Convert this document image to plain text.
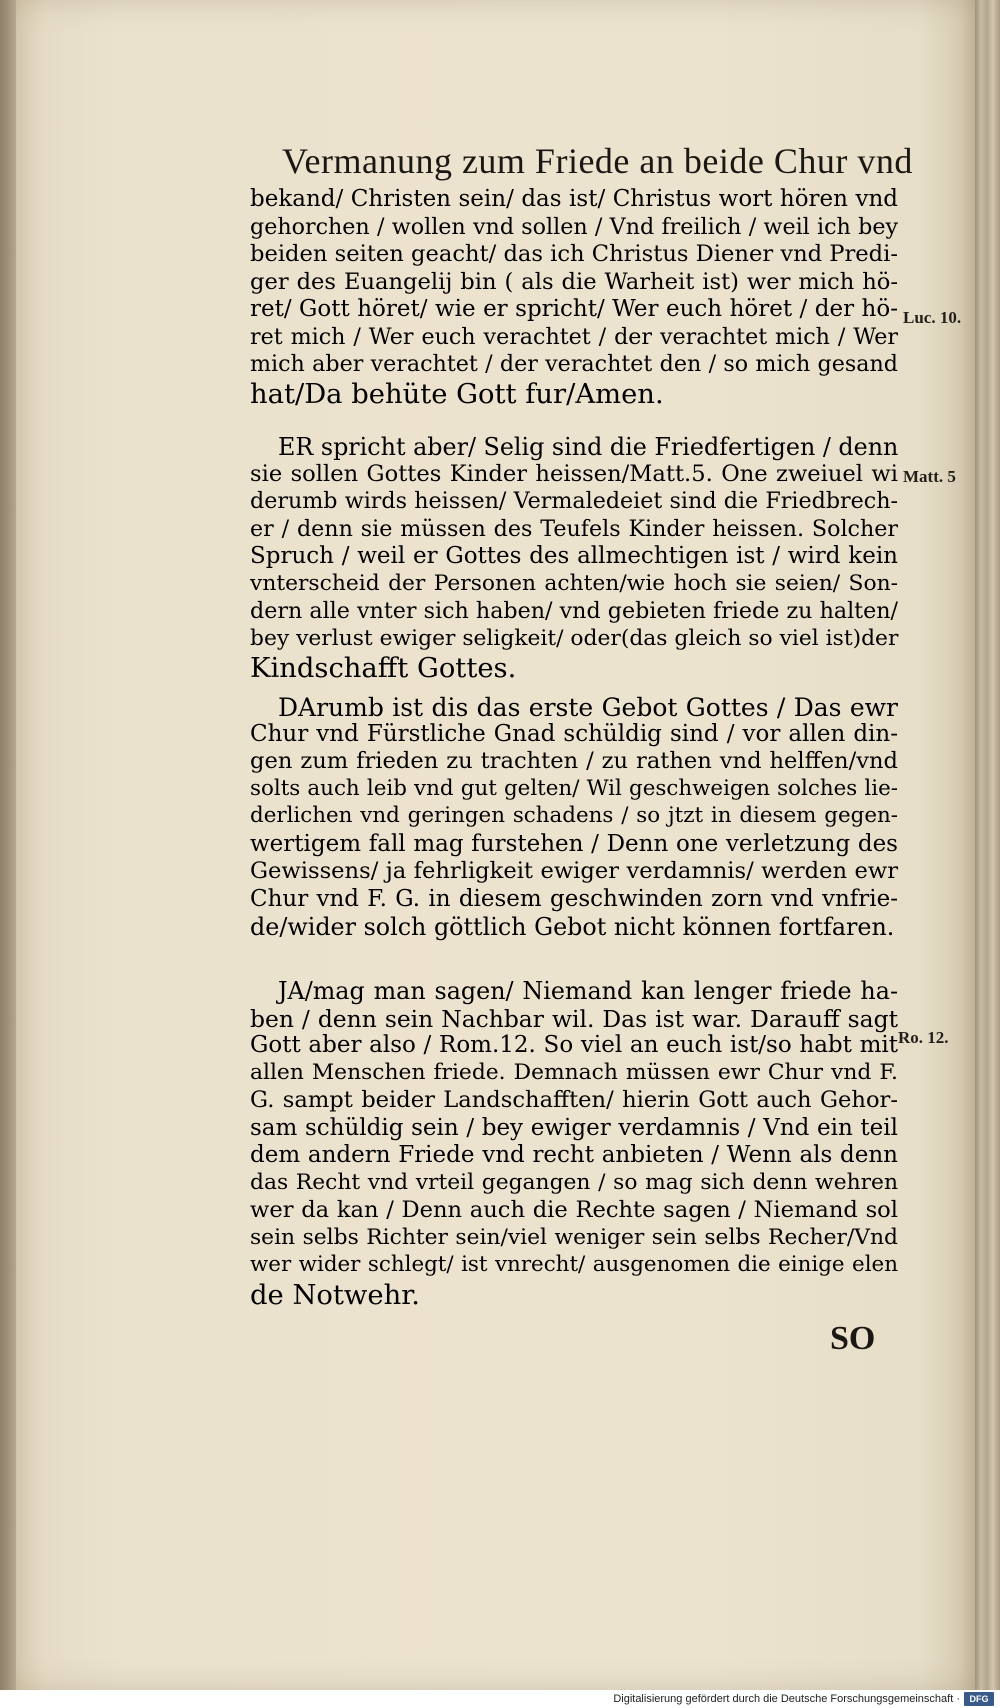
Vermanung zum Friede an beide Chur vnd
bekand/ Christen sein/ das ist/ Christus wort hören vnd
gehorchen / wollen vnd sollen / Vnd freilich / weil ich bey
beiden seiten geacht/ das ich Christus Diener vnd Predi-
ger des Euangelij bin ( als die Warheit ist) wer mich hö-
ret/ Gott höret/ wie er spricht/ Wer euch höret / der hö-
ret mich / Wer euch verachtet / der verachtet mich / Wer
mich aber verachtet / der verachtet den / so mich gesand
hat/Da behüte Gott fur/Amen.
ER spricht aber/ Selig sind die Friedfertigen / denn
sie sollen Gottes Kinder heissen/Matt.5. One zweiuel wi
derumb wirds heissen/ Vermaledeiet sind die Friedbrech-
er / denn sie müssen des Teufels Kinder heissen. Solcher
Spruch / weil er Gottes des allmechtigen ist / wird kein
vnterscheid der Personen achten/wie hoch sie seien/ Son-
dern alle vnter sich haben/ vnd gebieten friede zu halten/
bey verlust ewiger seligkeit/ oder(das gleich so viel ist)der
Kindschafft Gottes.
DArumb ist dis das erste Gebot Gottes / Das ewr
Chur vnd Fürstliche Gnad schüldig sind / vor allen din-
gen zum frieden zu trachten / zu rathen vnd helffen/vnd
solts auch leib vnd gut gelten/ Wil geschweigen solches lie-
derlichen vnd geringen schadens / so jtzt in diesem gegen-
wertigem fall mag furstehen / Denn one verletzung des
Gewissens/ ja fehrligkeit ewiger verdamnis/ werden ewr
Chur vnd F. G. in diesem geschwinden zorn vnd vnfrie-
de/wider solch göttlich Gebot nicht können fortfaren.
JA/mag man sagen/ Niemand kan lenger friede ha-
ben / denn sein Nachbar wil. Das ist war. Darauff sagt
Gott aber also / Rom.12. So viel an euch ist/so habt mit
allen Menschen friede. Demnach müssen ewr Chur vnd F.
G. sampt beider Landschafften/ hierin Gott auch Gehor-
sam schüldig sein / bey ewiger verdamnis / Vnd ein teil
dem andern Friede vnd recht anbieten / Wenn als denn
das Recht vnd vrteil gegangen / so mag sich denn wehren
wer da kan / Denn auch die Rechte sagen / Niemand sol
sein selbs Richter sein/viel weniger sein selbs Recher/Vnd
wer wider schlegt/ ist vnrecht/ ausgenomen die einige elen
de Notwehr.
Luc. 10.
Matt. 5
Ro. 12.
SO
Digitalisierung gefördert durch die Deutsche Forschungsgemeinschaft ·	DFG
